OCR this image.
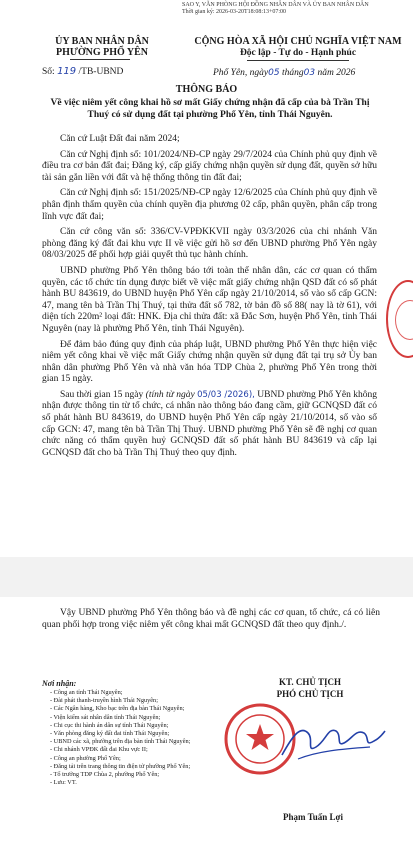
SAO Y, VĂN PHÒNG HỘI ĐỒNG NHÂN DÂN VÀ ỦY BAN NHÂN DÂN
Thời gian ký: 2026-03-20T18:08:13+07:00
ỦY BAN NHÂN DÂN
PHƯỜNG PHỔ YÊN
CỘNG HÒA XÃ HỘI CHỦ NGHĨA VIỆT NAM
Độc lập - Tự do - Hạnh phúc
Số: 119 /TB-UBND	Phổ Yên, ngày05 tháng03 năm 2026
THÔNG BÁO
Về việc niêm yết công khai hồ sơ mất Giấy chứng nhận đã cấp của bà Trần Thị Thuý có sử dụng đất tại phường Phổ Yên, tỉnh Thái Nguyên.

Căn cứ Luật Đất đai năm 2024;

Căn cứ Nghị định số: 101/2024/NĐ-CP ngày 29/7/2024 của Chính phủ quy định về điều tra cơ bản đất đai; Đăng ký, cấp giấy chứng nhận quyền sử dụng đất, quyền sở hữu tài sản gắn liền với đất và hệ thống thông tin đất đai;

Căn cứ Nghị định số: 151/2025/NĐ-CP ngày 12/6/2025 của Chính phủ quy định về phân định thẩm quyền của chính quyền địa phương 02 cấp, phân quyền, phân cấp trong lĩnh vực đất đai;

Căn cứ công văn số: 336/CV-VPĐKKVII ngày 03/3/2026 của chi nhánh Văn phòng đăng ký đất đai khu vực II về việc gửi hồ sơ đến UBND phường Phổ Yên ngày 08/03/2025 để phối hợp giải quyết thủ tục hành chính.

UBND phường Phổ Yên thông báo tới toàn thể nhân dân, các cơ quan có thẩm quyền, các tổ chức tín dụng được biết về việc mất giấy chứng nhận QSD đất có số phát hành BU 843619, do UBND huyện Phổ Yên cấp ngày 21/10/2014, số vào sổ cấp GCN: 47, mang tên bà Trần Thị Thuý, tại thửa đất số 782, tờ bản đồ số 88( nay là tờ 61), với diện tích 220m² loại đất: HNK. Địa chỉ thửa đất: xã Đắc Sơn, huyện Phổ Yên, tỉnh Thái Nguyên (nay là phường Phổ Yên, tỉnh Thái Nguyên).

Để đảm bảo đúng quy định của pháp luật, UBND phường Phổ Yên thực hiện việc niêm yết công khai về việc mất Giấy chứng nhận quyền sử dụng đất tại trụ sở Ủy ban nhân dân phường Phổ Yên và nhà văn hóa TDP Chùa 2, phường Phổ Yên trong thời gian 15 ngày.

Sau thời gian 15 ngày (tính từ ngày 05/03 /2026), UBND phường Phổ Yên không nhận được thông tin từ tổ chức, cá nhân nào thông báo đang cầm, giữ GCNQSD đất có số phát hành BU 843619, do UBND huyện Phổ Yên cấp ngày 21/10/2014, số vào sổ cấp GCN: 47, mang tên bà Trần Thị Thuý. UBND phường Phổ Yên sẽ đề nghị cơ quan chức năng có thẩm quyền huỷ GCNQSD đất số phát hành BU 843619 và cấp lại GCNQSD đất cho bà Trần Thị Thuý theo quy định.

Vậy UBND phường Phổ Yên thông báo và đề nghị các cơ quan, tổ chức, cá có liên quan phối hợp trong việc niêm yết công khai mất GCNQSD đất theo quy định./.

Nơi nhận:
- Công an tỉnh Thái Nguyên;
- Đài phát thanh-truyền hình Thái Nguyên;
- Các Ngân hàng, Kho bạc trên địa bàn Thái Nguyên;
- Viện kiểm sát nhân dân tỉnh Thái Nguyên;
- Chi cục thi hành án dân sự tỉnh Thái Nguyên;
- Văn phòng đăng ký đất đai tỉnh Thái Nguyên;
- UBND các xã, phường trên địa bàn tỉnh Thái Nguyên;
- Chi nhánh VPĐK đất đai Khu vực II;
- Công an phường Phổ Yên;
- Đăng tải trên trang thông tin điện tử phường Phổ Yên;
- Tổ trưởng TDP Chùa 2, phường Phổ Yên;
- Lưu: VT.
KT. CHỦ TỊCH
PHÓ CHỦ TỊCH
Phạm Tuấn Lợi
